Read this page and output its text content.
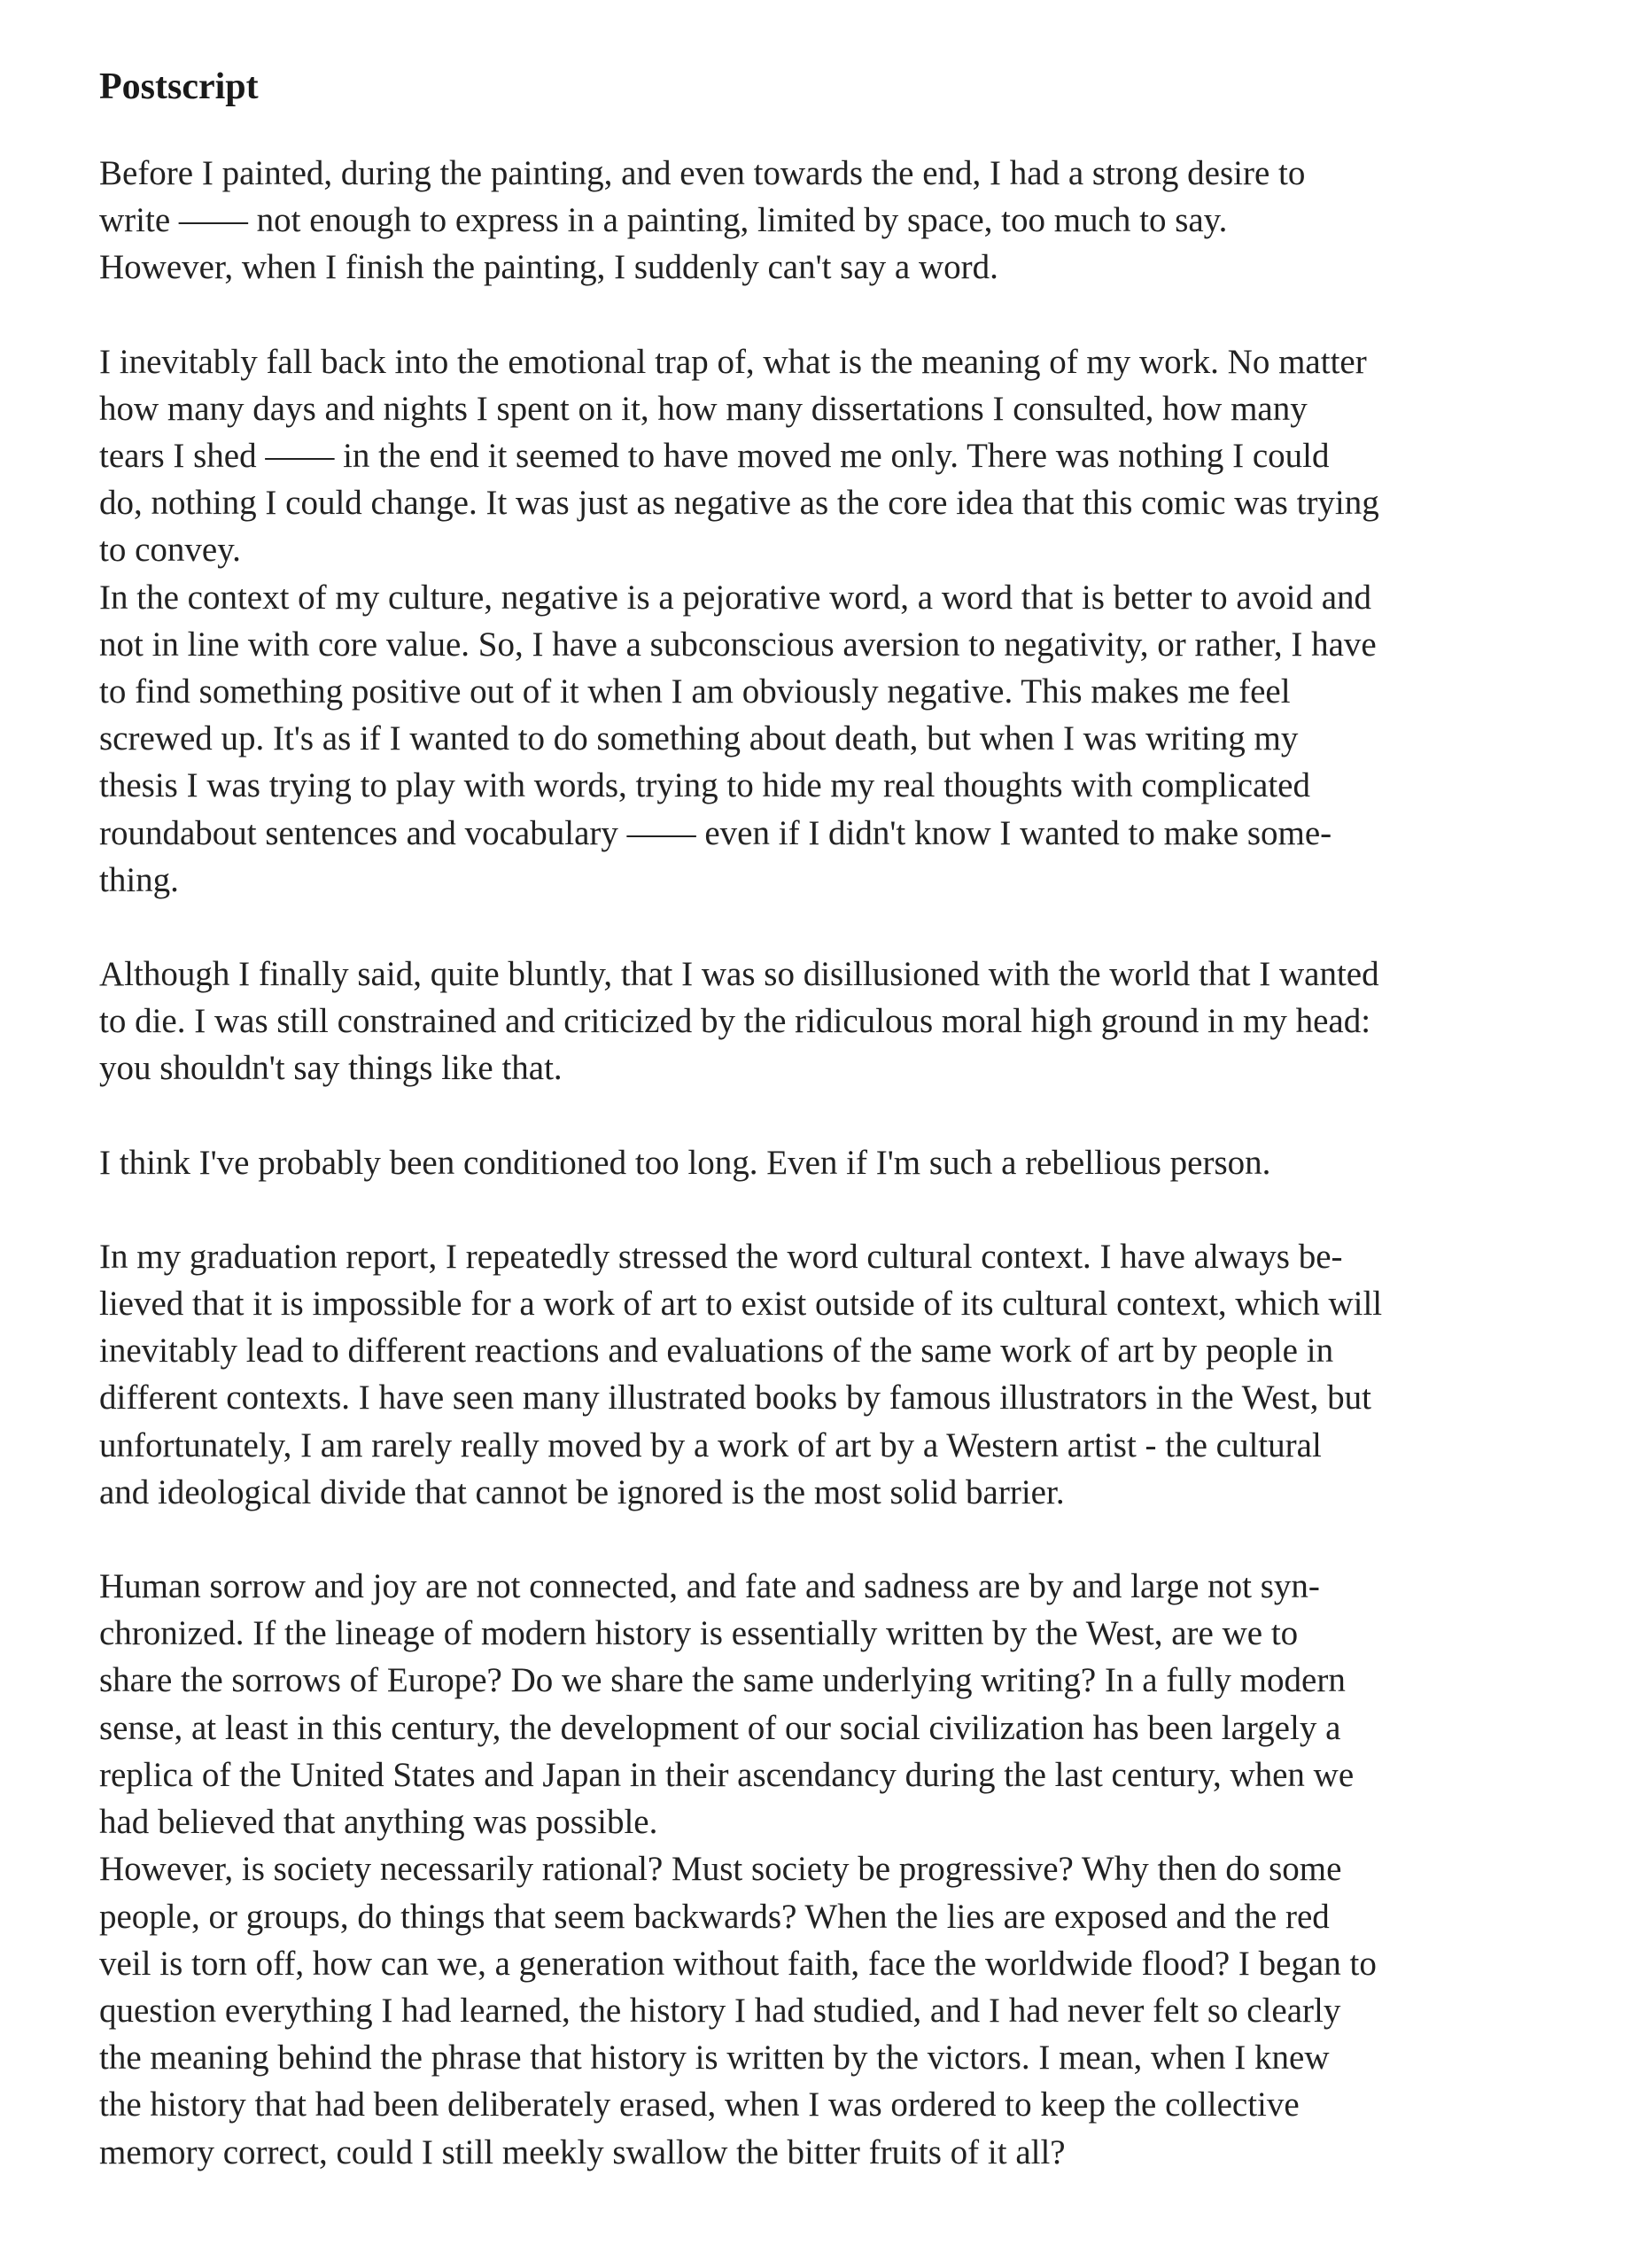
Postscript

Before I painted, during the painting, and even towards the end, I had a strong desire to
write —— not enough to express in a painting, limited by space, too much to say.
However, when I finish the painting, I suddenly can't say a word.

I inevitably fall back into the emotional trap of, what is the meaning of my work. No matter
how many days and nights I spent on it, how many dissertations I consulted, how many
tears I shed —— in the end it seemed to have moved me only. There was nothing I could
do, nothing I could change. It was just as negative as the core idea that this comic was trying
to convey.

In the context of my culture, negative is a pejorative word, a word that is better to avoid and
not in line with core value. So, I have a subconscious aversion to negativity, or rather, I have
to find something positive out of it when I am obviously negative. This makes me feel
screwed up. It's as if I wanted to do something about death, but when I was writing my
thesis I was trying to play with words, trying to hide my real thoughts with complicated
roundabout sentences and vocabulary —— even if I didn't know I wanted to make some-
thing.

Although I finally said, quite bluntly, that I was so disillusioned with the world that I wanted
to die. I was still constrained and criticized by the ridiculous moral high ground in my head:
you shouldn't say things like that.

I think I've probably been conditioned too long. Even if I'm such a rebellious person.

In my graduation report, I repeatedly stressed the word cultural context. I have always be-
lieved that it is impossible for a work of art to exist outside of its cultural context, which will
inevitably lead to different reactions and evaluations of the same work of art by people in
different contexts. I have seen many illustrated books by famous illustrators in the West, but
unfortunately, I am rarely really moved by a work of art by a Western artist - the cultural
and ideological divide that cannot be ignored is the most solid barrier.

Human sorrow and joy are not connected, and fate and sadness are by and large not syn-
chronized. If the lineage of modern history is essentially written by the West, are we to
share the sorrows of Europe? Do we share the same underlying writing? In a fully modern
sense, at least in this century, the development of our social civilization has been largely a
replica of the United States and Japan in their ascendancy during the last century, when we
had believed that anything was possible.

However, is society necessarily rational? Must society be progressive? Why then do some
people, or groups, do things that seem backwards? When the lies are exposed and the red
veil is torn off, how can we, a generation without faith, face the worldwide flood? I began to
question everything I had learned, the history I had studied, and I had never felt so clearly
the meaning behind the phrase that history is written by the victors. I mean, when I knew
the history that had been deliberately erased, when I was ordered to keep the collective
memory correct, could I still meekly swallow the bitter fruits of it all?
